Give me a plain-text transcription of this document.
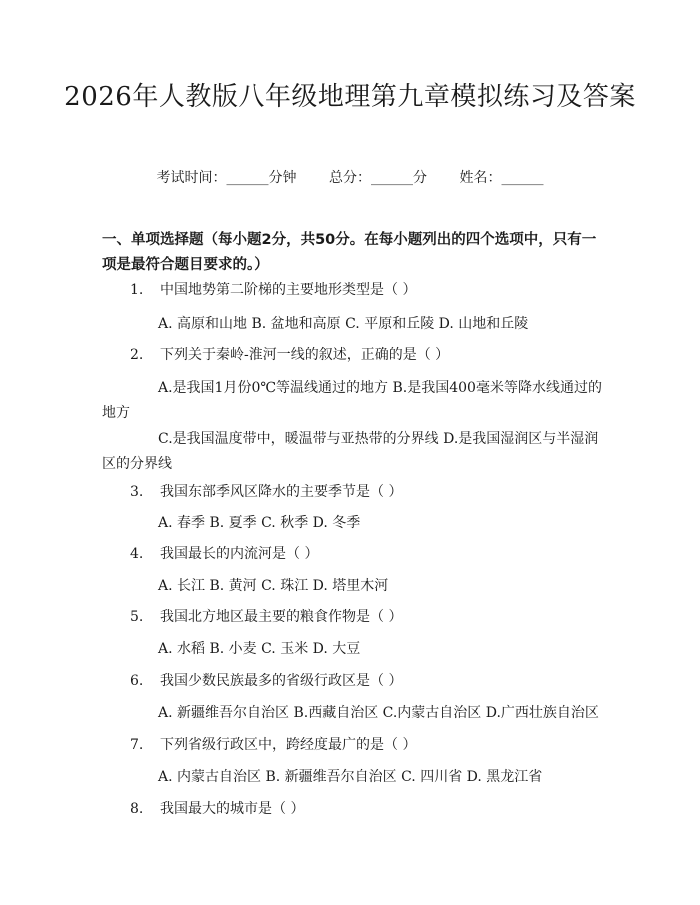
2026年人教版八年级地理第九章模拟练习及答案
考试时间：______分钟 总分：______分 姓名：______

一、单项选择题（每小题2分，共50分。在每小题列出的四个选项中，只有一项是最符合题目要求的。）

1. 中国地势第二阶梯的主要地形类型是（ ）
A. 高原和山地 B. 盆地和高原 C. 平原和丘陵 D. 山地和丘陵
2. 下列关于秦岭-淮河一线的叙述，正确的是（ ）
A.是我国1月份0℃等温线通过的地方 B.是我国400毫米等降水线通过的地方
C.是我国温度带中，暖温带与亚热带的分界线 D.是我国湿润区与半湿润区的分界线
3. 我国东部季风区降水的主要季节是（ ）
A. 春季 B. 夏季 C. 秋季 D. 冬季
4. 我国最长的内流河是（ ）
A. 长江 B. 黄河 C. 珠江 D. 塔里木河
5. 我国北方地区最主要的粮食作物是（ ）
A. 水稻 B. 小麦 C. 玉米 D. 大豆
6. 我国少数民族最多的省级行政区是（ ）
A. 新疆维吾尔自治区 B.西藏自治区 C.内蒙古自治区 D.广西壮族自治区
7. 下列省级行政区中，跨经度最广的是（ ）
A. 内蒙古自治区 B. 新疆维吾尔自治区 C. 四川省 D. 黑龙江省
8. 我国最大的城市是（ ）
